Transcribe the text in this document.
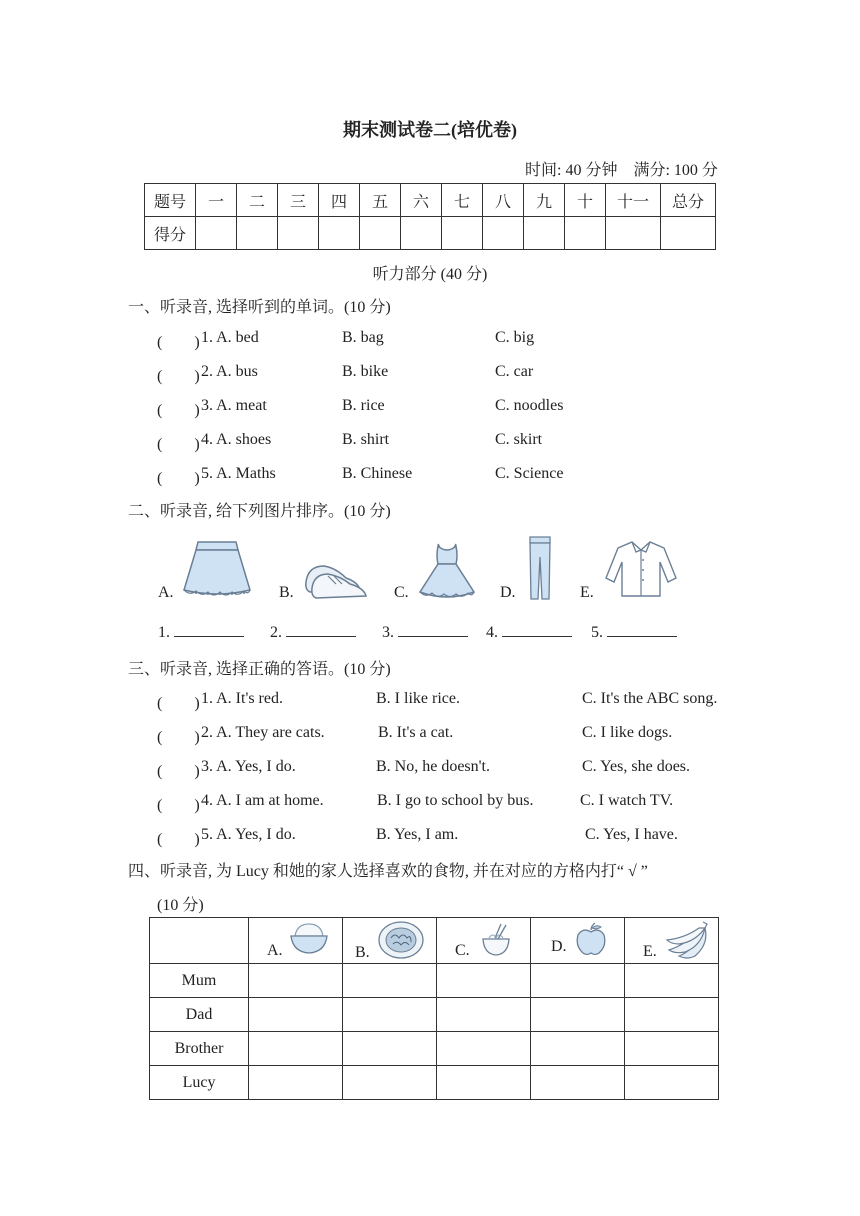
期末测试卷二(培优卷)
时间: 40 分钟　满分: 100 分
题号	一	二	三	四	五	六	七	八	九	十	十一	总分
得分												
听力部分 (40 分)
一、听录音, 选择听到的单词。(10 分)
(　　) 1. A. bed	B. bag	C. big
(　　) 2. A. bus	B. bike	C. car
(　　) 3. A. meat	B. rice	C. noodles
(　　) 4. A. shoes	B. shirt	C. skirt
(　　) 5. A. Maths	B. Chinese	C. Science
二、听录音, 给下列图片排序。(10 分)
A.	B.	C.	D.	E.
1.	2.	3.	4.	5.
三、听录音, 选择正确的答语。(10 分)
(　　) 1. A. It's red.	B. I like rice.	C. It's the ABC song.
(　　) 2. A. They are cats.	B. It's a cat.	C. I like dogs.
(　　) 3. A. Yes, I do.	B. No, he doesn't.	C. Yes, she does.
(　　) 4. A. I am at home.	B. I go to school by bus.	C. I watch TV.
(　　) 5. A. Yes, I do.	B. Yes, I am.	C. Yes, I have.
四、听录音, 为 Lucy 和她的家人选择喜欢的食物, 并在对应的方格内打“ √ ”
(10 分)

	A.	B.	C.	D.	E.

Mum					
Dad					
Brother					
Lucy					
